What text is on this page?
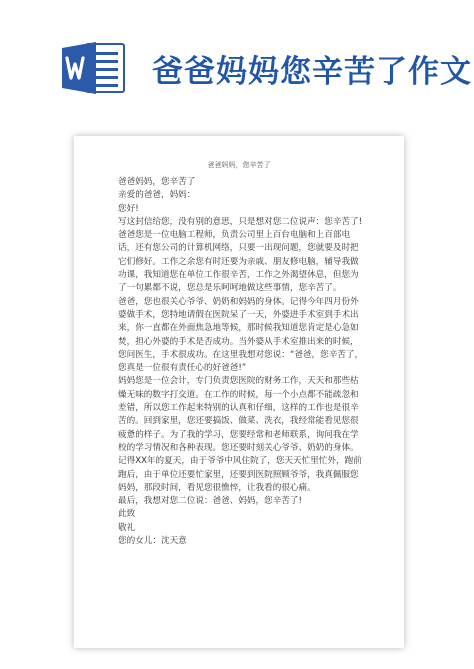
爸爸妈妈您辛苦了作文
爸爸妈妈，您辛苦了

爸爸妈妈，您辛苦了

亲爱的爸爸，妈妈：

您好!

写这封信给您，没有别的意思，只是想对您二位说声：您辛苦了!

爸爸您是一位电脑工程师，负责公司里上百台电脑和上百部电话，还有您公司的计算机网络，只要一出现问题，您就要及时把它们修好。工作之余您有时还要为亲戚、朋友修电脑，辅导我做功课，我知道您在单位工作很辛苦，工作之外渴望休息，但您为了一句累都不说，您总是乐呵呵地做这些事情，您辛苦了。

爸爸，您也很关心爷爷、奶奶和妈妈的身体。记得今年四月份外婆做手术，您特地请假在医院呆了一天，外婆进手术室到手术出来，你一直都在外面焦急地等候，那时候我知道您肯定是心急如焚，担心外婆的手术是否成功。当外婆从手术室推出来的时候，您问医生，手术很成功。在这里我想对您说：“爸爸，您辛苦了，您真是一位很有责任心的好爸爸!”

妈妈您是一位会计，专门负责您医院的财务工作，天天和那些枯燥无味的数字打交道。在工作的时候，每一个小点都不能疏忽和差错，所以您工作起来特别的认真和仔细，这样的工作也是很辛苦的。回到家里，您还要搞饭、做菜、洗衣，我经常能看见您很疲惫的样子。为了我的学习，您要经常和老师联系，询问我在学校的学习情况和各种表现。您还要时刻关心爷爷、奶奶的身体。记得XX年的夏天，由于爷爷中风住院了，您天天忙里忙外，跑前跑后，由于单位还要忙家里，还要到医院照顾爷爷，我真佩服您妈妈，那段时间，看见您很憔悴，让我看的很心痛。

最后，我想对您二位说：爸爸、妈妈，您辛苦了!

此致

敬礼

您的女儿：沈天意
